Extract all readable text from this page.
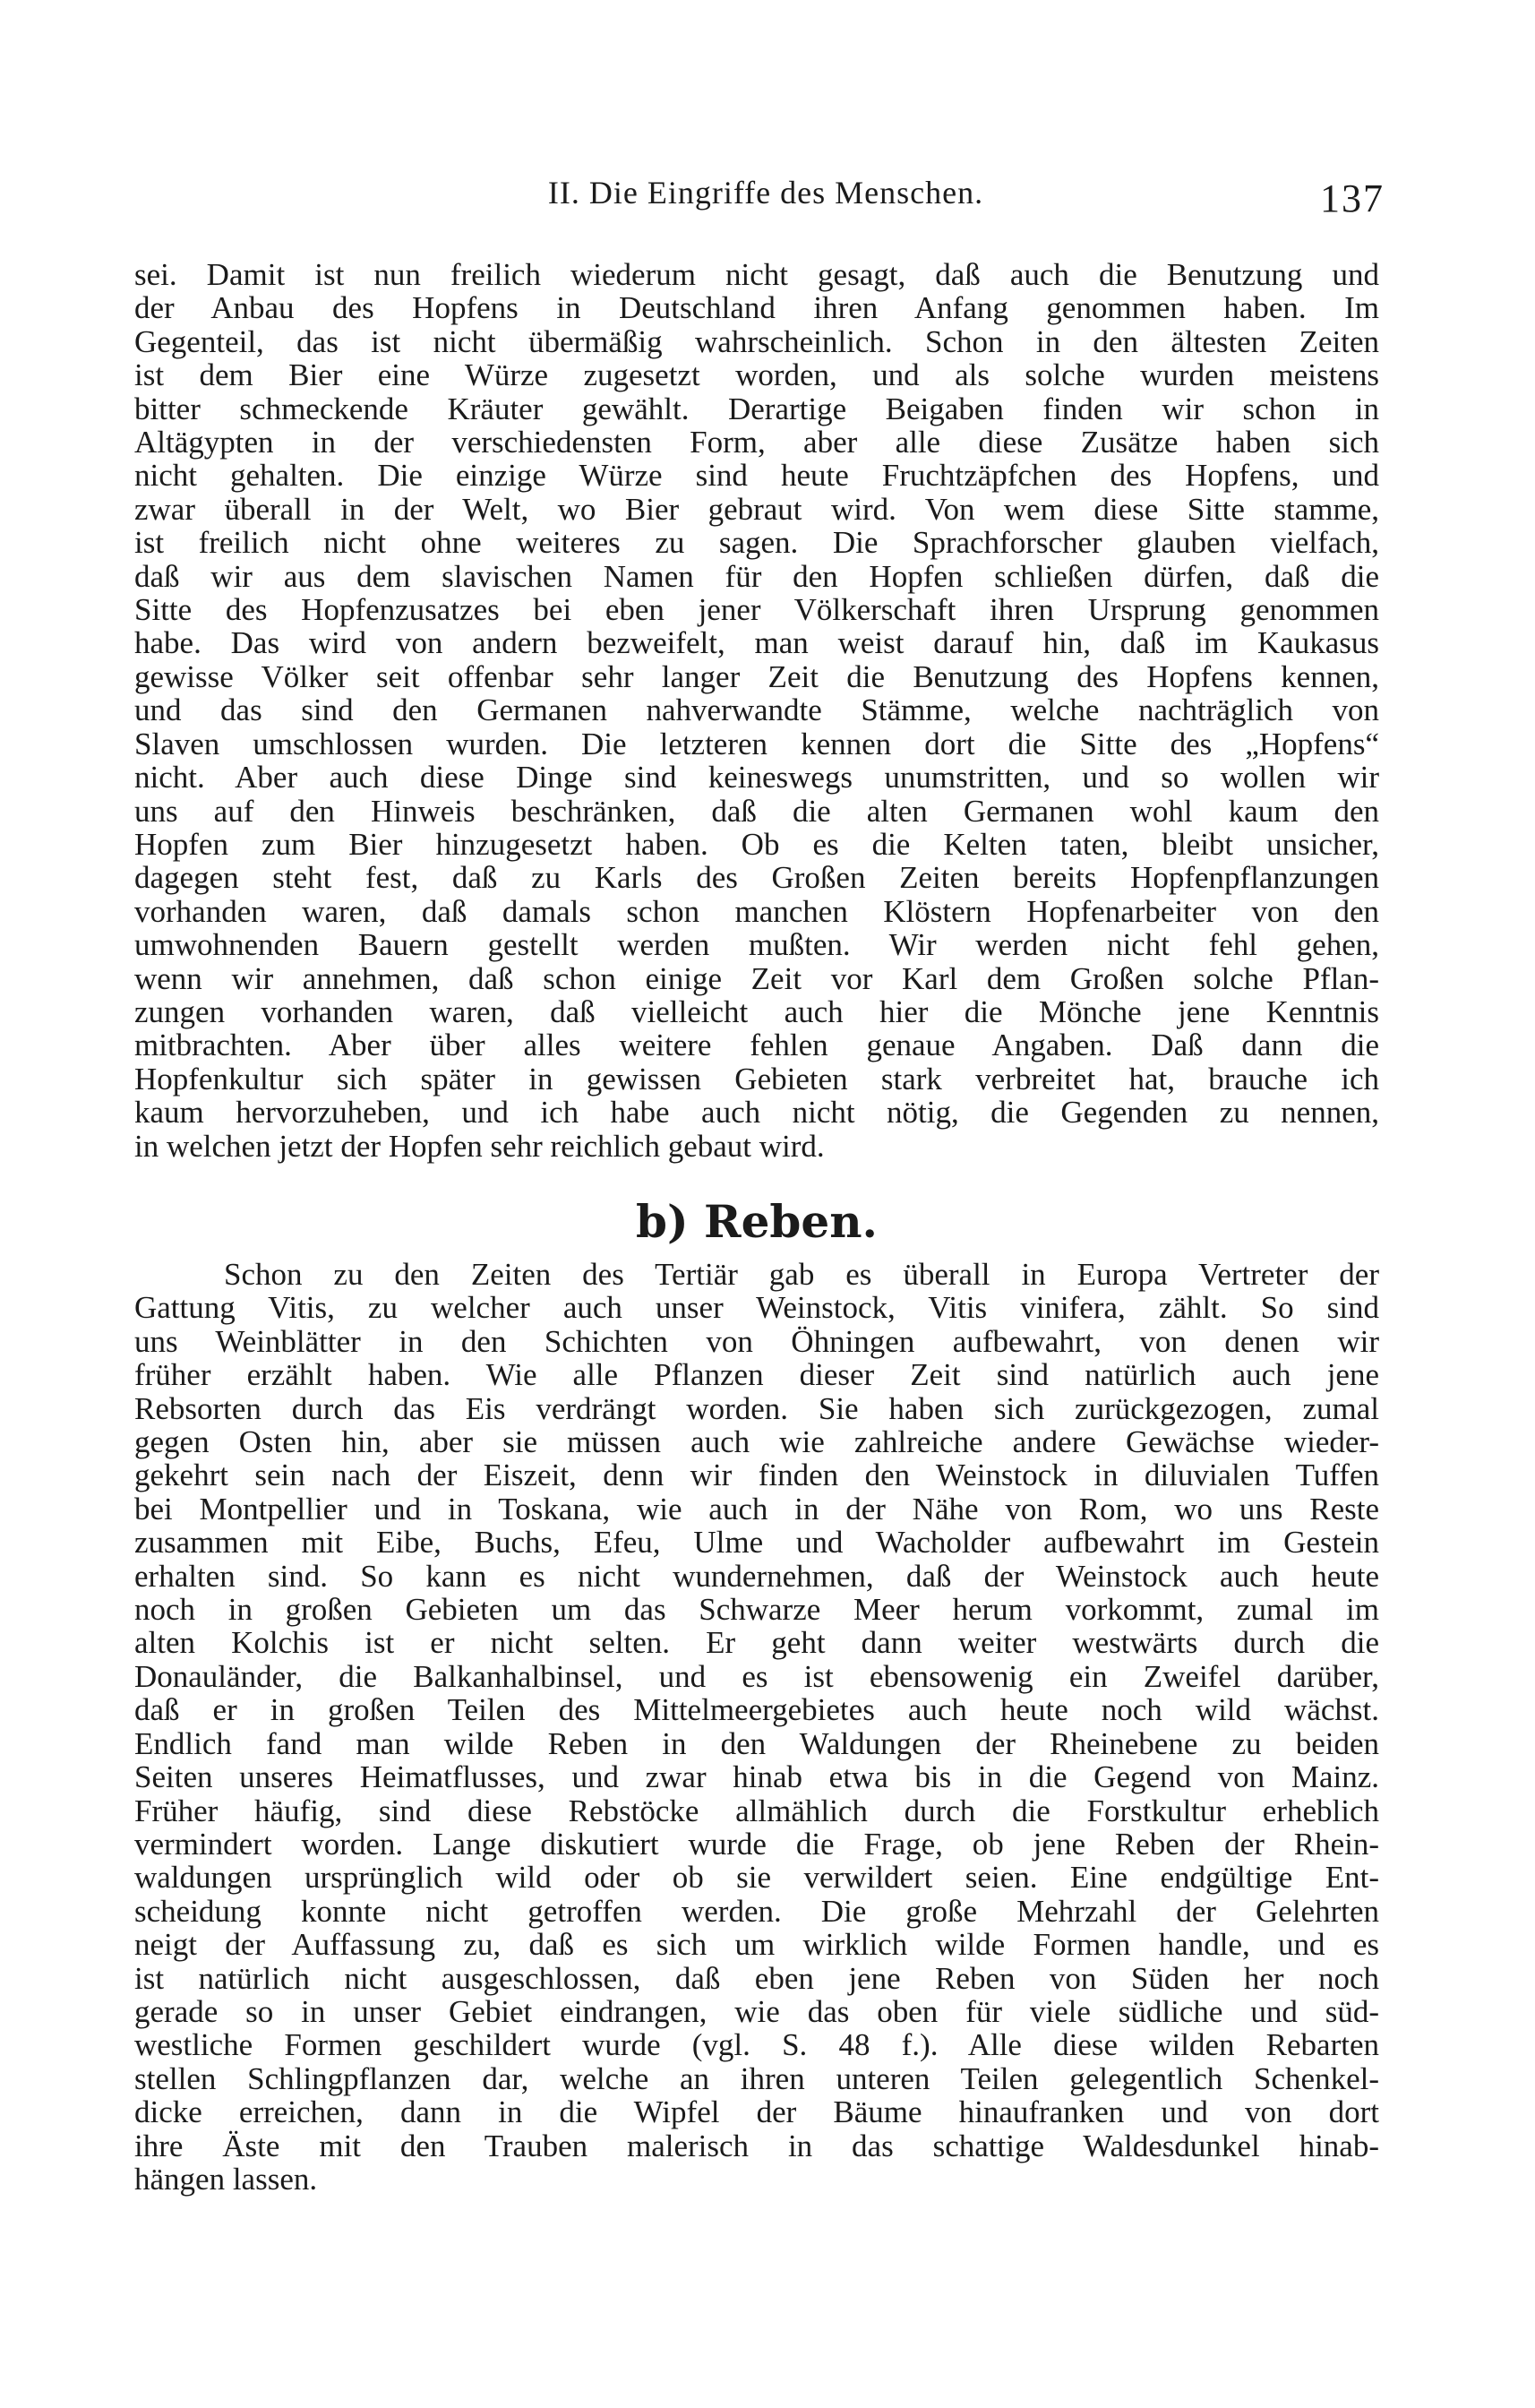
II. Die Eingriffe des Menschen.	137
sei. Damit ist nun freilich wiederum nicht gesagt, daß auch die Benutzung und
der Anbau des Hopfens in Deutschland ihren Anfang genommen haben. Im
Gegenteil, das ist nicht übermäßig wahrscheinlich. Schon in den ältesten Zeiten
ist dem Bier eine Würze zugesetzt worden, und als solche wurden meistens
bitter schmeckende Kräuter gewählt. Derartige Beigaben finden wir schon in
Altägypten in der verschiedensten Form, aber alle diese Zusätze haben sich
nicht gehalten. Die einzige Würze sind heute Fruchtzäpfchen des Hopfens, und
zwar überall in der Welt, wo Bier gebraut wird. Von wem diese Sitte stamme,
ist freilich nicht ohne weiteres zu sagen. Die Sprachforscher glauben vielfach,
daß wir aus dem slavischen Namen für den Hopfen schließen dürfen, daß die
Sitte des Hopfenzusatzes bei eben jener Völkerschaft ihren Ursprung genommen
habe. Das wird von andern bezweifelt, man weist darauf hin, daß im Kaukasus
gewisse Völker seit offenbar sehr langer Zeit die Benutzung des Hopfens kennen,
und das sind den Germanen nahverwandte Stämme, welche nachträglich von
Slaven umschlossen wurden. Die letzteren kennen dort die Sitte des „Hopfens“
nicht. Aber auch diese Dinge sind keineswegs unumstritten, und so wollen wir
uns auf den Hinweis beschränken, daß die alten Germanen wohl kaum den
Hopfen zum Bier hinzugesetzt haben. Ob es die Kelten taten, bleibt unsicher,
dagegen steht fest, daß zu Karls des Großen Zeiten bereits Hopfenpflanzungen
vorhanden waren, daß damals schon manchen Klöstern Hopfenarbeiter von den
umwohnenden Bauern gestellt werden mußten. Wir werden nicht fehl gehen,
wenn wir annehmen, daß schon einige Zeit vor Karl dem Großen solche Pflan-
zungen vorhanden waren, daß vielleicht auch hier die Mönche jene Kenntnis
mitbrachten. Aber über alles weitere fehlen genaue Angaben. Daß dann die
Hopfenkultur sich später in gewissen Gebieten stark verbreitet hat, brauche ich
kaum hervorzuheben, und ich habe auch nicht nötig, die Gegenden zu nennen,
in welchen jetzt der Hopfen sehr reichlich gebaut wird.
b) Reben.
Schon zu den Zeiten des Tertiär gab es überall in Europa Vertreter der
Gattung Vitis, zu welcher auch unser Weinstock, Vitis vinifera, zählt. So sind
uns Weinblätter in den Schichten von Öhningen aufbewahrt, von denen wir
früher erzählt haben. Wie alle Pflanzen dieser Zeit sind natürlich auch jene
Rebsorten durch das Eis verdrängt worden. Sie haben sich zurückgezogen, zumal
gegen Osten hin, aber sie müssen auch wie zahlreiche andere Gewächse wieder-
gekehrt sein nach der Eiszeit, denn wir finden den Weinstock in diluvialen Tuffen
bei Montpellier und in Toskana, wie auch in der Nähe von Rom, wo uns Reste
zusammen mit Eibe, Buchs, Efeu, Ulme und Wacholder aufbewahrt im Gestein
erhalten sind. So kann es nicht wundernehmen, daß der Weinstock auch heute
noch in großen Gebieten um das Schwarze Meer herum vorkommt, zumal im
alten Kolchis ist er nicht selten. Er geht dann weiter westwärts durch die
Donauländer, die Balkanhalbinsel, und es ist ebensowenig ein Zweifel darüber,
daß er in großen Teilen des Mittelmeergebietes auch heute noch wild wächst.
Endlich fand man wilde Reben in den Waldungen der Rheinebene zu beiden
Seiten unseres Heimatflusses, und zwar hinab etwa bis in die Gegend von Mainz.
Früher häufig, sind diese Rebstöcke allmählich durch die Forstkultur erheblich
vermindert worden. Lange diskutiert wurde die Frage, ob jene Reben der Rhein-
waldungen ursprünglich wild oder ob sie verwildert seien. Eine endgültige Ent-
scheidung konnte nicht getroffen werden. Die große Mehrzahl der Gelehrten
neigt der Auffassung zu, daß es sich um wirklich wilde Formen handle, und es
ist natürlich nicht ausgeschlossen, daß eben jene Reben von Süden her noch
gerade so in unser Gebiet eindrangen, wie das oben für viele südliche und süd-
westliche Formen geschildert wurde (vgl. S. 48 f.). Alle diese wilden Rebarten
stellen Schlingpflanzen dar, welche an ihren unteren Teilen gelegentlich Schenkel-
dicke erreichen, dann in die Wipfel der Bäume hinaufranken und von dort
ihre Äste mit den Trauben malerisch in das schattige Waldesdunkel hinab-
hängen lassen.
